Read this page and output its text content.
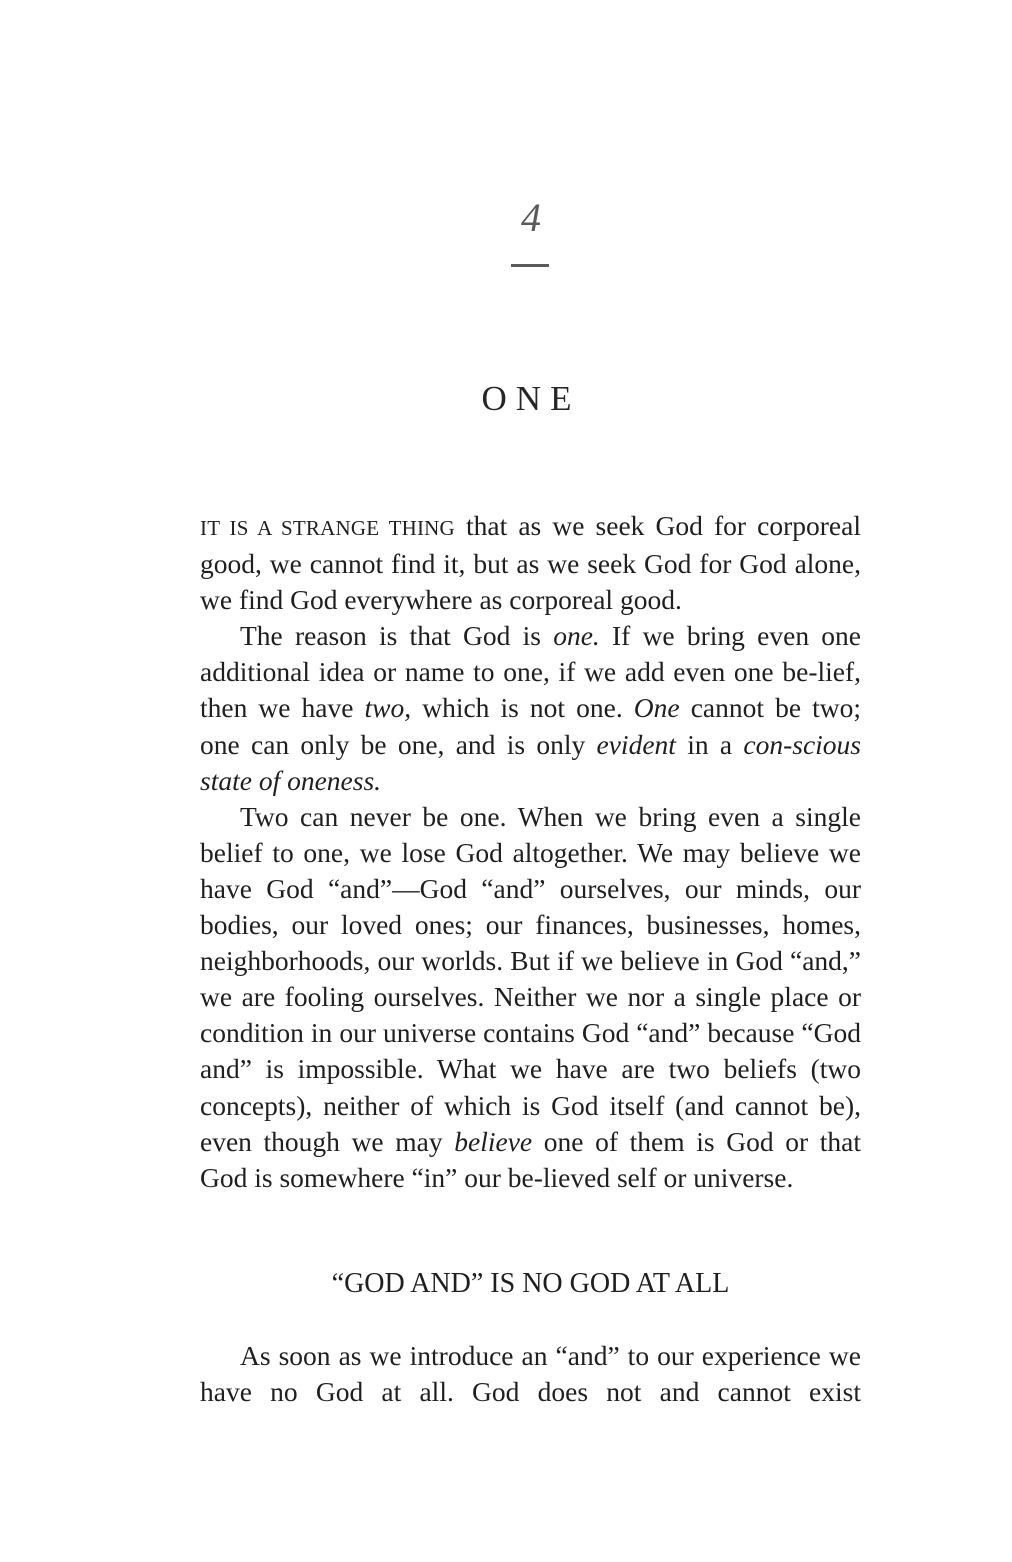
4
ONE

IT IS A STRANGE THING that as we seek God for corporeal good, we cannot find it, but as we seek God for God alone, we find God everywhere as corporeal good.

The reason is that God is one. If we bring even one additional idea or name to one, if we add even one be-lief, then we have two, which is not one. One cannot be two; one can only be one, and is only evident in a con-scious state of oneness.

Two can never be one. When we bring even a single belief to one, we lose God altogether. We may believe we have God “and”—God “and” ourselves, our minds, our bodies, our loved ones; our finances, businesses, homes, neighborhoods, our worlds. But if we believe in God “and,” we are fooling ourselves. Neither we nor a single place or condition in our universe contains God “and” because “God and” is impossible. What we have are two beliefs (two concepts), neither of which is God itself (and cannot be), even though we may believe one of them is God or that God is somewhere “in” our be-lieved self or universe.

“GOD AND” IS NO GOD AT ALL

As soon as we introduce an “and” to our experience we have no God at all. God does not and cannot exist
